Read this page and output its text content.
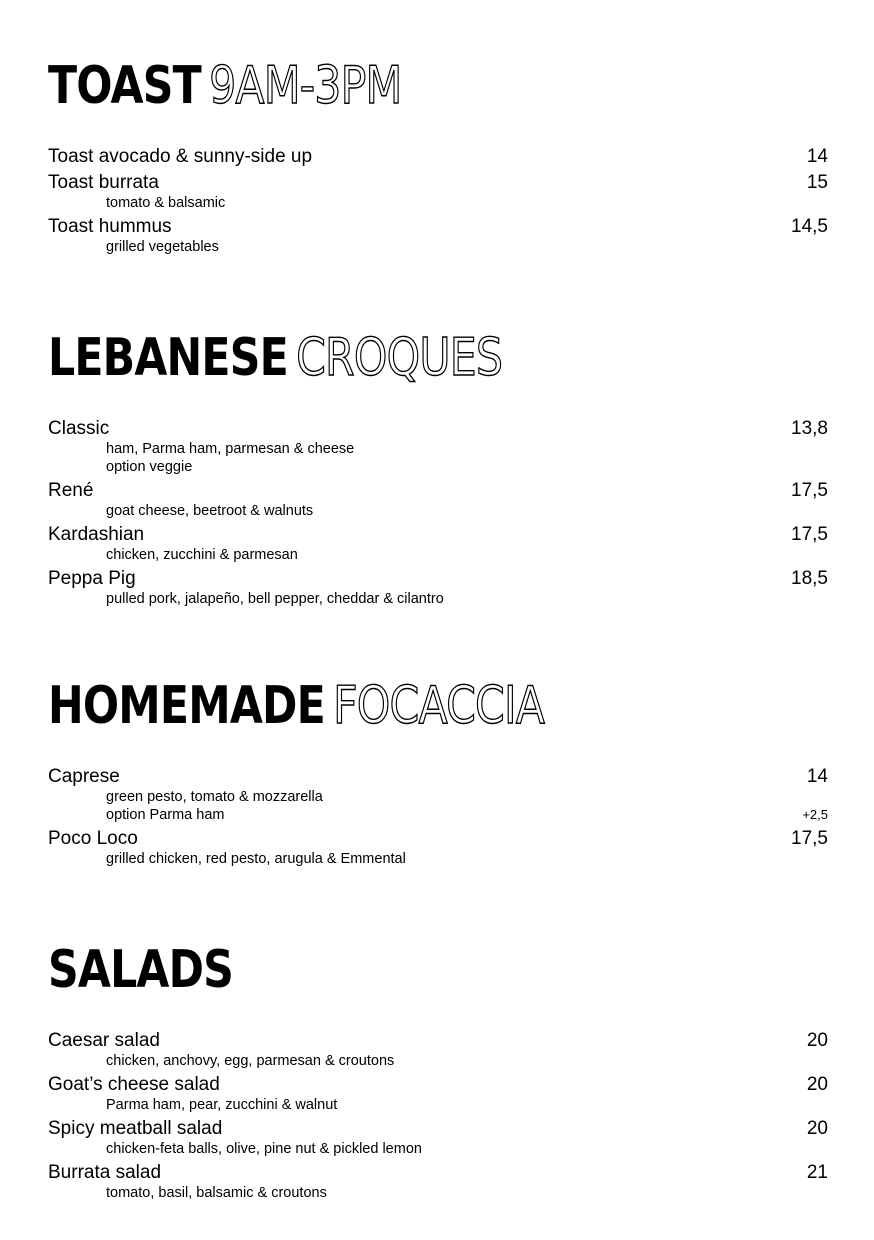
TOAST 9AM-3PM
Toast avocado & sunny-side up	14
Toast burrata	15
tomato & balsamic
Toast hummus	14,5
grilled vegetables
LEBANESE CROQUES
Classic	13,8
ham, Parma ham, parmesan & cheese
option veggie
René	17,5
goat cheese, beetroot & walnuts
Kardashian	17,5
chicken, zucchini & parmesan
Peppa Pig	18,5
pulled pork, jalapeño, bell pepper, cheddar & cilantro
HOMEMADE FOCACCIA
Caprese	14
green pesto, tomato & mozzarella
option Parma ham	+2,5
Poco Loco	17,5
grilled chicken, red pesto, arugula & Emmental
SALADS
Caesar salad	20
chicken, anchovy, egg, parmesan & croutons
Goat’s cheese salad	20
Parma ham, pear, zucchini & walnut
Spicy meatball salad	20
chicken-feta balls, olive, pine nut & pickled lemon
Burrata salad	21
tomato, basil, balsamic & croutons
